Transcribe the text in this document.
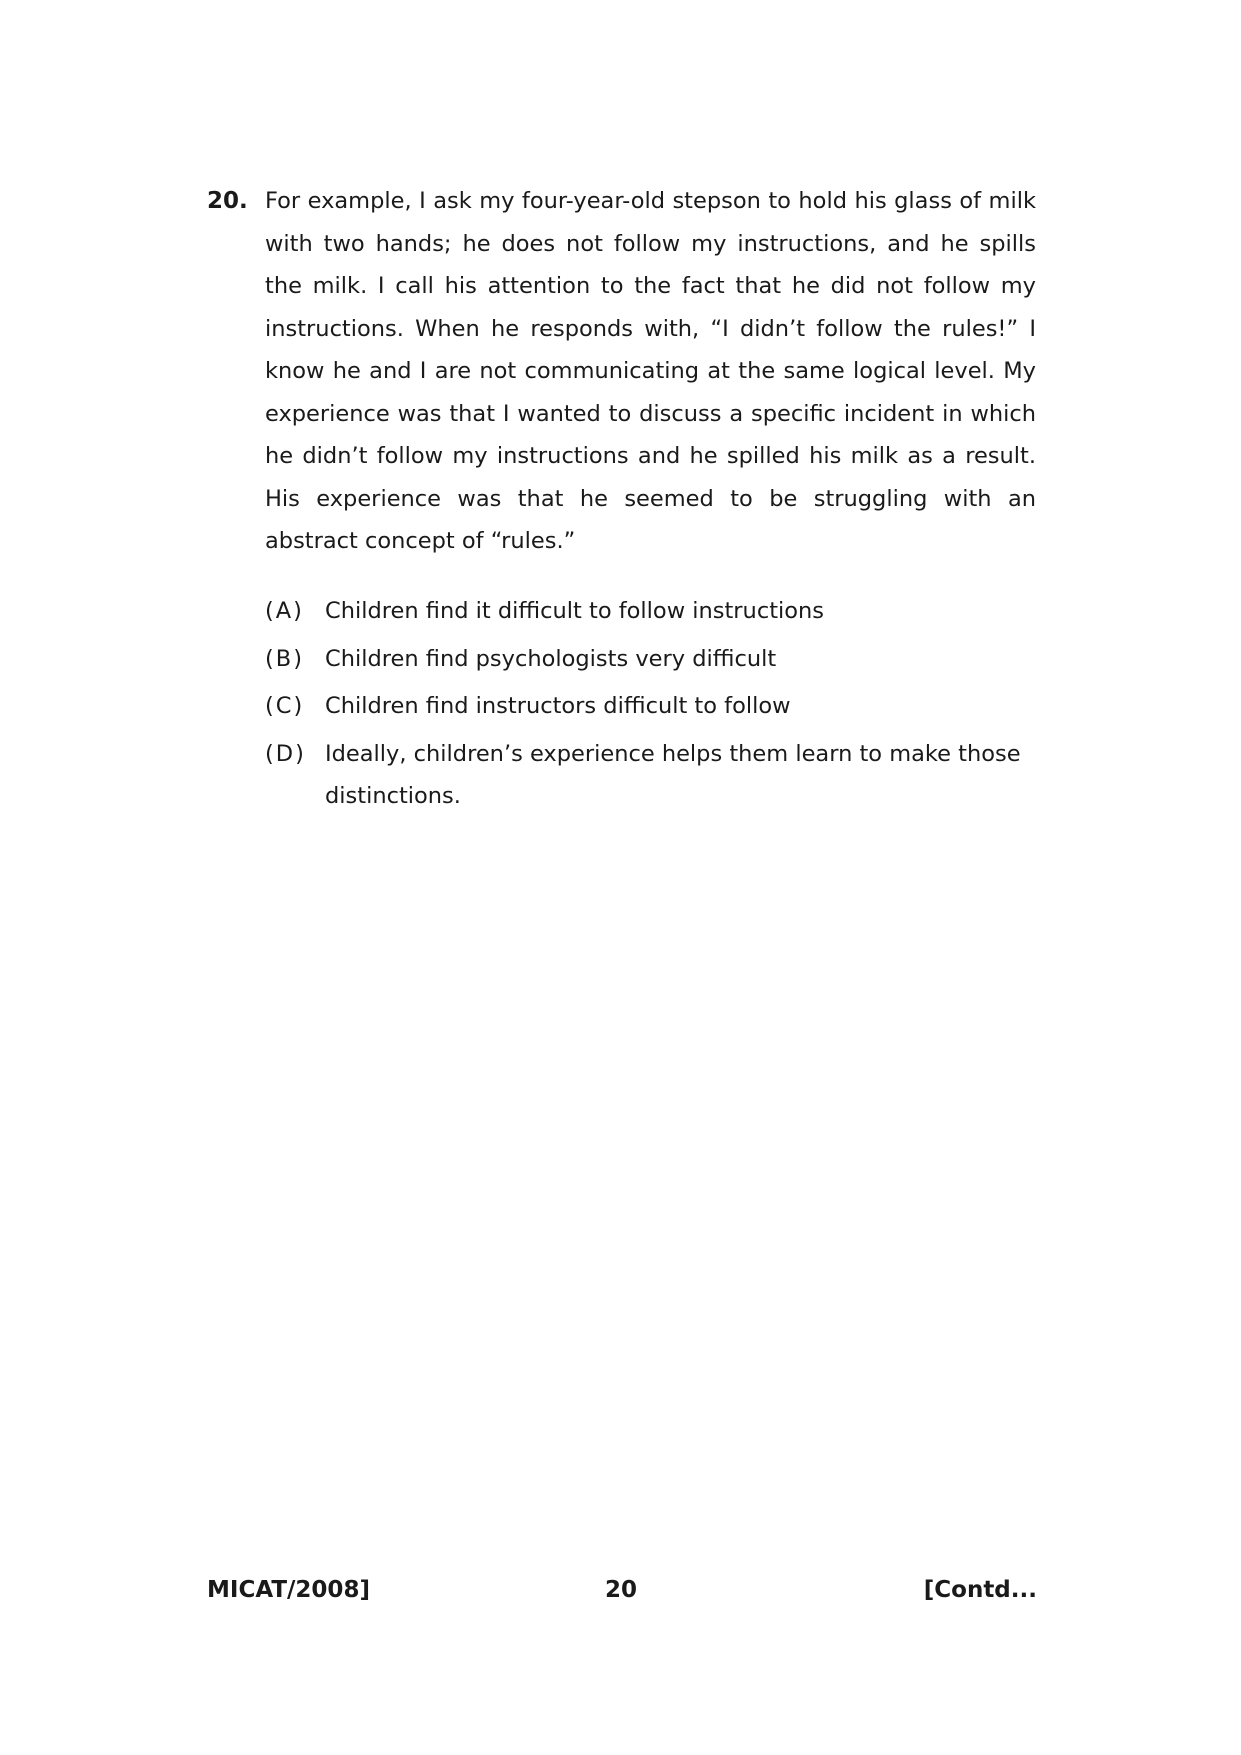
20. For example, I ask my four-year-old stepson to hold his glass of milk with two hands; he does not follow my instructions, and he spills the milk. I call his attention to the fact that he did not follow my instructions. When he responds with, “I didn’t follow the rules!” I know he and I are not communicating at the same logical level. My experience was that I wanted to discuss a specific incident in which he didn’t follow my instructions and he spilled his milk as a result. His experience was that he seemed to be struggling with an abstract concept of “rules.”
(A) Children find it difficult to follow instructions
(B) Children find psychologists very difficult
(C) Children find instructors difficult to follow
(D) Ideally, children’s experience helps them learn to make those distinctions.
MICAT/2008]	20	[Contd...
